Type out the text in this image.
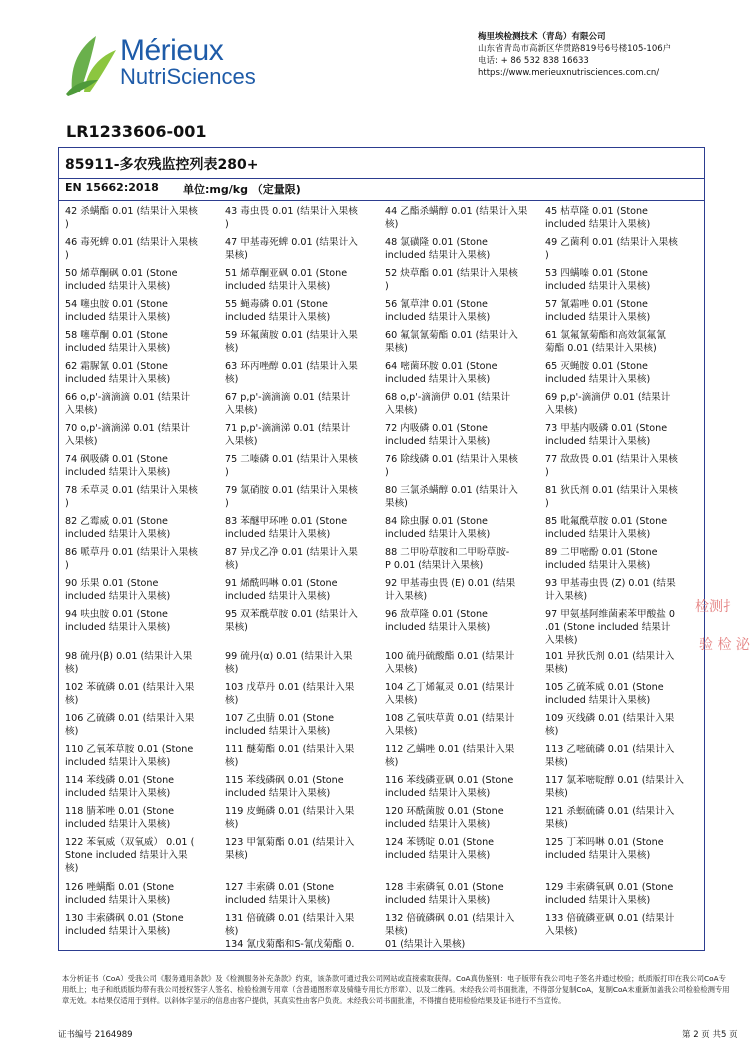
Mérieux
NutriSciences
梅里埃检测技术（青岛）有限公司
山东省青岛市高新区华贯路819号6号楼105-106户
电话: + 86 532 838 16633
https://www.merieuxnutrisciences.com.cn/
LR1233606-001
85911-多农残监控列表280+
EN 15662:2018 单位:mg/kg （定量限)
42 杀螨酯 0.01 (结果计入果核
)
43 毒虫畏 0.01 (结果计入果核
)
44 乙酯杀螨醇 0.01 (结果计入果
核)
45 枯草隆 0.01 (Stone
included 结果计入果核)
46 毒死蜱 0.01 (结果计入果核
)
47 甲基毒死蜱 0.01 (结果计入
果核)
48 氯磺隆 0.01 (Stone
included 结果计入果核)
49 乙菌利 0.01 (结果计入果核
)
50 烯草酮砜 0.01 (Stone
included 结果计入果核)
51 烯草酮亚砜 0.01 (Stone
included 结果计入果核)
52 炔草酯 0.01 (结果计入果核
)
53 四螨嗪 0.01 (Stone
included 结果计入果核)
54 噻虫胺 0.01 (Stone
included 结果计入果核)
55 蝇毒磷 0.01 (Stone
included 结果计入果核)
56 氰草津 0.01 (Stone
included 结果计入果核)
57 氰霜唑 0.01 (Stone
included 结果计入果核)
58 噻草酮 0.01 (Stone
included 结果计入果核)
59 环氟菌胺 0.01 (结果计入果
核)
60 氟氯氰菊酯 0.01 (结果计入
果核)
61 氯氟氰菊酯和高效氯氟氰
菊酯 0.01 (结果计入果核)
62 霜脲氰 0.01 (Stone
included 结果计入果核)
63 环丙唑醇 0.01 (结果计入果
核)
64 嘧菌环胺 0.01 (Stone
included 结果计入果核)
65 灭蝇胺 0.01 (Stone
included 结果计入果核)
66 o,p'-滴滴滴 0.01 (结果计
入果核)
67 p,p'-滴滴滴 0.01 (结果计
入果核)
68 o,p'-滴滴伊 0.01 (结果计
入果核)
69 p,p'-滴滴伊 0.01 (结果计
入果核)
70 o,p'-滴滴涕 0.01 (结果计
入果核)
71 p,p'-滴滴涕 0.01 (结果计
入果核)
72 内吸磷 0.01 (Stone
included 结果计入果核)
73 甲基内吸磷 0.01 (Stone
included 结果计入果核)
74 砜吸磷 0.01 (Stone
included 结果计入果核)
75 二嗪磷 0.01 (结果计入果核
)
76 除线磷 0.01 (结果计入果核
)
77 敌敌畏 0.01 (结果计入果核
)
78 禾草灵 0.01 (结果计入果核
)
79 氯硝胺 0.01 (结果计入果核
)
80 三氯杀螨醇 0.01 (结果计入
果核)
81 狄氏剂 0.01 (结果计入果核
)
82 乙霉威 0.01 (Stone
included 结果计入果核)
83 苯醚甲环唑 0.01 (Stone
included 结果计入果核)
84 除虫脲 0.01 (Stone
included 结果计入果核)
85 吡氟酰草胺 0.01 (Stone
included 结果计入果核)
86 哌草丹 0.01 (结果计入果核
)
87 异戊乙净 0.01 (结果计入果
核)
88 二甲吩草胺和二甲吩草胺-
P 0.01 (结果计入果核)
89 二甲嘧酚 0.01 (Stone
included 结果计入果核)
90 乐果 0.01 (Stone
included 结果计入果核)
91 烯酰吗啉 0.01 (Stone
included 结果计入果核)
92 甲基毒虫畏 (E) 0.01 (结果
计入果核)
93 甲基毒虫畏 (Z) 0.01 (结果
计入果核)
94 呋虫胺 0.01 (Stone
included 结果计入果核)
95 双苯酰草胺 0.01 (结果计入
果核)
96 敌草隆 0.01 (Stone
included 结果计入果核)
97 甲氨基阿维菌素苯甲酸盐 0
.01 (Stone included 结果计
入果核)
98 硫丹(β) 0.01 (结果计入果
核)
99 硫丹(α) 0.01 (结果计入果
核)
100 硫丹硫酸酯 0.01 (结果计
入果核)
101 异狄氏剂 0.01 (结果计入
果核)
102 苯硫磷 0.01 (结果计入果
核)
103 戊草丹 0.01 (结果计入果
核)
104 乙丁烯氟灵 0.01 (结果计
入果核)
105 乙硫苯威 0.01 (Stone
included 结果计入果核)
106 乙硫磷 0.01 (结果计入果
核)
107 乙虫腈 0.01 (Stone
included 结果计入果核)
108 乙氧呋草黄 0.01 (结果计
入果核)
109 灭线磷 0.01 (结果计入果
核)
110 乙氧苯草胺 0.01 (Stone
included 结果计入果核)
111 醚菊酯 0.01 (结果计入果
核)
112 乙螨唑 0.01 (结果计入果
核)
113 乙嘧硫磷 0.01 (结果计入
果核)
114 苯线磷 0.01 (Stone
included 结果计入果核)
115 苯线磷砜 0.01 (Stone
included 结果计入果核)
116 苯线磷亚砜 0.01 (Stone
included 结果计入果核)
117 氯苯嘧啶醇 0.01 (结果计入
果核)
118 腈苯唑 0.01 (Stone
included 结果计入果核)
119 皮蝇磷 0.01 (结果计入果
核)
120 环酰菌胺 0.01 (Stone
included 结果计入果核)
121 杀螟硫磷 0.01 (结果计入
果核)
122 苯氧威（双氧威） 0.01 (
Stone included 结果计入果
核)
123 甲氰菊酯 0.01 (结果计入
果核)
124 苯锈啶 0.01 (Stone
included 结果计入果核)
125 丁苯吗啉 0.01 (Stone
included 结果计入果核)
126 唑螨酯 0.01 (Stone
included 结果计入果核)
127 丰索磷 0.01 (Stone
included 结果计入果核)
128 丰索磷氧 0.01 (Stone
included 结果计入果核)
129 丰索磷氧砜 0.01 (Stone
included 结果计入果核)
130 丰索磷砜 0.01 (Stone
included 结果计入果核)
131 倍硫磷 0.01 (结果计入果
核)
134 氰戊菊酯和S-氰戊菊酯 0.
132 倍硫磷砜 0.01 (结果计入
果核)
01 (结果计入果核)
133 倍硫磷亚砜 0.01 (结果计
入果核)
检测扌
验 检 泌
本分析证书（CoA）受我公司《服务通用条款》及《检测服务补充条款》约束，该条款可通过我公司网站或直接索取获得。CoA真伪鉴别：电子版带有我公司电子签名并通过校验；纸质版打印在我公司CoA专用纸上；电子和纸质版均带有我公司授权签字人签名、检验检测专用章（含普通图形章及骑缝专用长方形章）、以及二维码。未经我公司书面批准，不得部分复制CoA，复制CoA未重新加盖我公司检验检测专用章无效。本结果仅适用于到样。以斜体字显示的信息由客户提供，其真实性由客户负责。未经我公司书面批准，不得擅自使用检验结果及证书进行不当宣传。
证书编号 2164989	第 2 页 共5 页
